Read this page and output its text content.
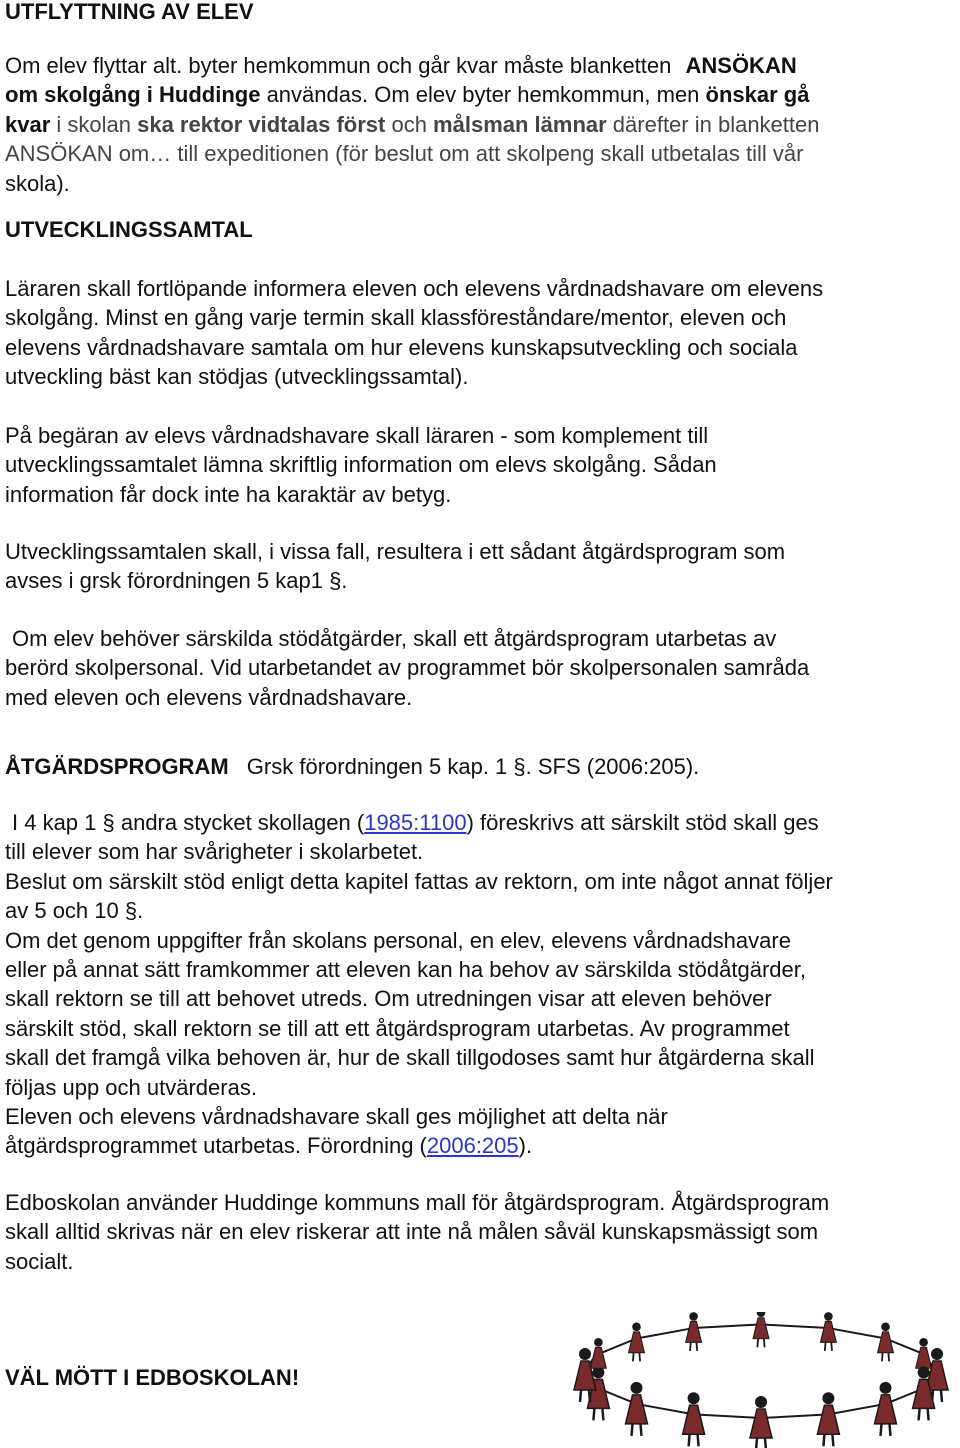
UTFLYTTNING AV ELEV

Om elev flyttar alt. byter hemkommun och går kvar måste blanketten ANSÖKAN
om skolgång i Huddinge användas. Om elev byter hemkommun, men önskar gå
kvar i skolan ska rektor vidtalas först och målsman lämnar därefter in blanketten
ANSÖKAN om… till expeditionen (för beslut om att skolpeng skall utbetalas till vår
skola).

UTVECKLINGSSAMTAL

Läraren skall fortlöpande informera eleven och elevens vårdnadshavare om elevens
skolgång. Minst en gång varje termin skall klassföreståndare/mentor, eleven och
elevens vårdnadshavare samtala om hur elevens kunskapsutveckling och sociala
utveckling bäst kan stödjas (utvecklingssamtal).

På begäran av elevs vårdnadshavare skall läraren - som komplement till
utvecklingssamtalet lämna skriftlig information om elevs skolgång. Sådan
information får dock inte ha karaktär av betyg.

Utvecklingssamtalen skall, i vissa fall, resultera i ett sådant åtgärdsprogram som
avses i grsk förordningen 5 kap1 §.

Om elev behöver särskilda stödåtgärder, skall ett åtgärdsprogram utarbetas av
berörd skolpersonal. Vid utarbetandet av programmet bör skolpersonalen samråda
med eleven och elevens vårdnadshavare.

ÅTGÄRDSPROGRAM Grsk förordningen 5 kap. 1 §. SFS (2006:205).

I 4 kap 1 § andra stycket skollagen (1985:1100) föreskrivs att särskilt stöd skall ges
till elever som har svårigheter i skolarbetet.
Beslut om särskilt stöd enligt detta kapitel fattas av rektorn, om inte något annat följer
av 5 och 10 §.
Om det genom uppgifter från skolans personal, en elev, elevens vårdnadshavare
eller på annat sätt framkommer att eleven kan ha behov av särskilda stödåtgärder,
skall rektorn se till att behovet utreds. Om utredningen visar att eleven behöver
särskilt stöd, skall rektorn se till att ett åtgärdsprogram utarbetas. Av programmet
skall det framgå vilka behoven är, hur de skall tillgodoses samt hur åtgärderna skall
följas upp och utvärderas.
Eleven och elevens vårdnadshavare skall ges möjlighet att delta när
åtgärdsprogrammet utarbetas. Förordning (2006:205).

Edboskolan använder Huddinge kommuns mall för åtgärdsprogram. Åtgärdsprogram
skall alltid skrivas när en elev riskerar att inte nå målen såväl kunskapsmässigt som
socialt.

VÄL MÖTT I EDBOSKOLAN!
